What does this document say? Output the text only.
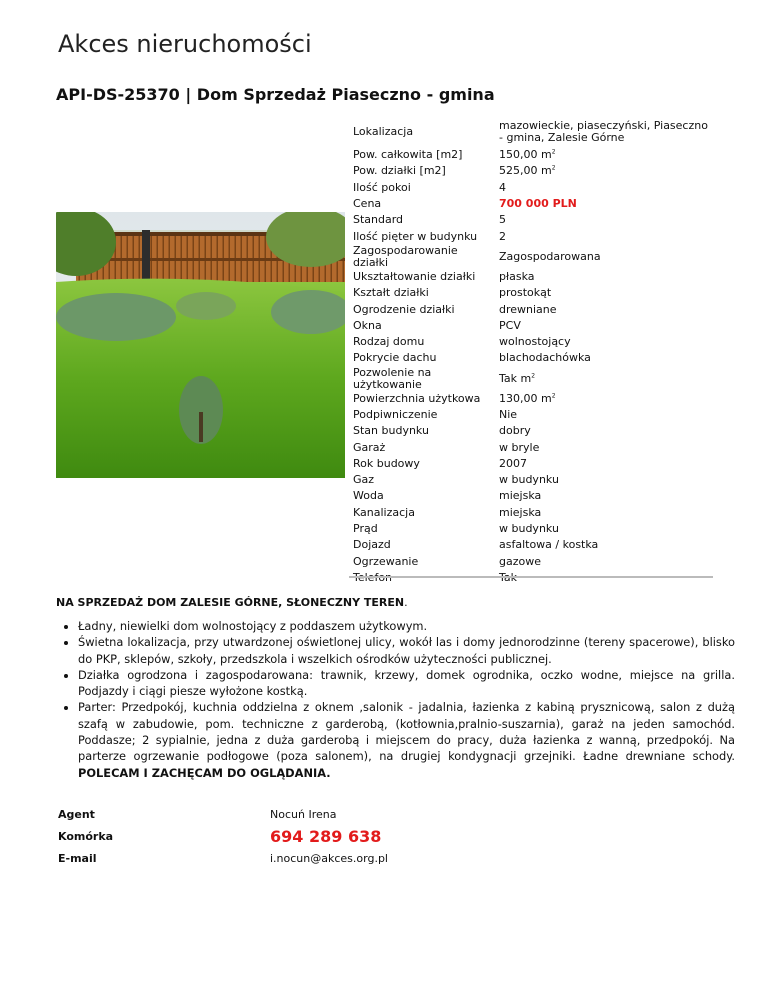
Akces nieruchomości
API-DS-25370 | Dom Sprzedaż Piaseczno - gmina
Lokalizacja	mazowieckie, piaseczyński, Piaseczno - gmina, Zalesie Górne
Pow. całkowita [m2]	150,00 $m^2$
Pow. działki [m2]	525,00 $m^2$
Ilość pokoi	4
Cena	700 000 PLN
Standard	5
Ilość pięter w budynku	2
Zagospodarowanie działki	Zagospodarowana
Ukształtowanie działki	płaska
Kształt działki	prostokąt
Ogrodzenie działki	drewniane
Okna	PCV
Rodzaj domu	wolnostojący
Pokrycie dachu	blachodachówka
Pozwolenie na użytkowanie	Tak $m^2$
Powierzchnia użytkowa	130,00 $m^2$
Podpiwniczenie	Nie
Stan budynku	dobry
Garaż	w bryle
Rok budowy	2007
Gaz	w budynku
Woda	miejska
Kanalizacja	miejska
Prąd	w budynku
Dojazd	asfaltowa / kostka
Ogrzewanie	gazowe
Telefon	Tak

NA SPRZEDAŻ DOM ZALESIE GÓRNE, SŁONECZNY TEREN.

• Ładny, niewielki dom wolnostojący z poddaszem użytkowym.
• Świetna lokalizacja, przy utwardzonej oświetlonej ulicy, wokół las i domy jednorodzinne (tereny spacerowe), blisko do PKP, sklepów, szkoły, przedszkola i wszelkich ośrodków użyteczności publicznej.
• Działka ogrodzona i zagospodarowana: trawnik, krzewy, domek ogrodnika, oczko wodne, miejsce na grilla. Podjazdy i ciągi piesze wyłożone kostką.
• Parter: Przedpokój, kuchnia oddzielna z oknem ,salonik - jadalnia, łazienka z kabiną prysznicową, salon z dużą szafą w zabudowie, pom. techniczne z garderobą, (kotłownia,pralnio-suszarnia), garaż na jeden samochód. Poddasze; 2 sypialnie, jedna z duża garderobą i miejscem do pracy, duża łazienka z wanną, przedpokój. Na parterze ogrzewanie podłogowe (poza salonem), na drugiej kondygnacji grzejniki. Ładne drewniane schody. POLECAM I ZACHĘCAM DO OGLĄDANIA.
Agent	Nocuń Irena
Komórka	694 289 638
E-mail	i.nocun@akces.org.pl
